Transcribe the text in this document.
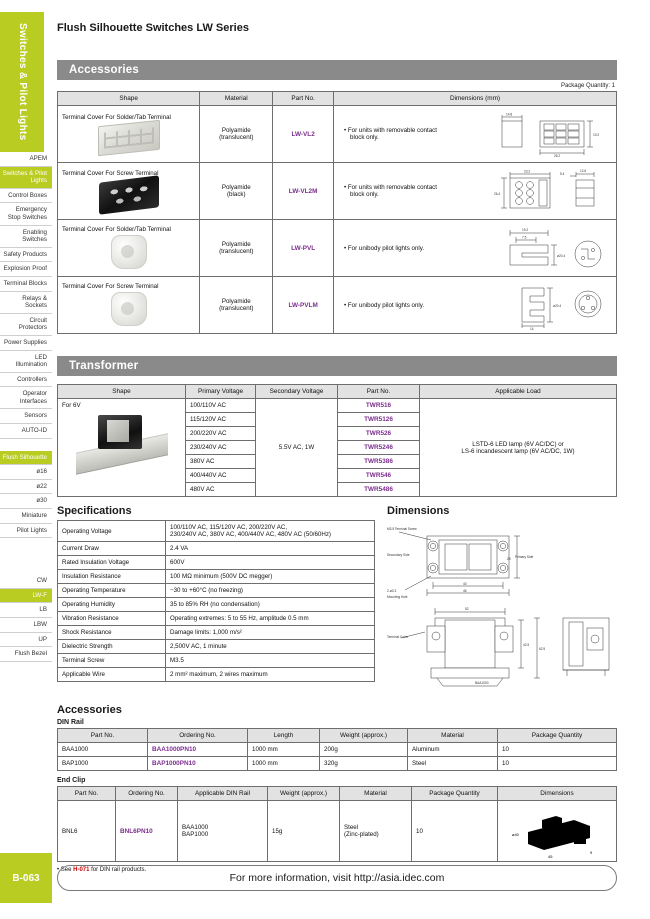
Switches & Pilot Lights
APEM
Switches & Pilot Lights
Control Boxes
Emergency Stop Switches
Enabling Switches
Safety Products
Explosion Proof
Terminal Blocks
Relays & Sockets
Circuit Protectors
Power Supplies
LED Illumination
Controllers
Operator Interfaces
Sensors
AUTO-ID
Flush Silhouette
ø16
ø22
ø30
Miniature
Pilot Lights
CW
LW-F
LB
LBW
UP
Flush Bezel
B-063
Flush Silhouette Switches LW Series
Accessories
Package Quantity: 1
Shape	Material	Part No.	Dimensions (mm)

Terminal Cover For Solder/Tab Terminal

Polyamide
(translucent)	LW-VL2	
•For units with removable contact
block only.
14.8
26.2
19.2

Terminal Cover For Screw Terminal

Polyamide
(black)	LW-VL2M	
•For units with removable contact
block only.
23.2
26.4
5.4
12.6

Terminal Cover For Solder/Tab Terminal

Polyamide
(translucent)	LW-PVL	
•For unibody pilot lights only.
19.2
7.5
ø20.4

Terminal Cover For Screw Terminal

Polyamide
(translucent)	LW-PVLM	
•For unibody pilot lights only.	ø20.4
14
Transformer
Shape	Primary Voltage	Secondary Voltage	Part No.	Applicable Load

For 6V	100/110V AC	5.5V AC, 1W	TWR516	LSTD-6 LED lamp (6V AC/DC) or
LS-6 incandescent lamp (6V AC/DC, 1W)

	115/120V AC		TWR5126	
	200/220V AC		TWR526	
	230/240V AC		TWR5246	
	380V AC		TWR5386	
	400/440V AC		TWR546	
	480V AC		TWR5486	
Specifications
Operating Voltage	100/110V AC, 115/120V AC, 200/220V AC,
230/240V AC, 380V AC, 400/440V AC, 480V AC (50/60Hz)

Current Draw	2.4 VA
Rated Insulation Voltage	600V
Insulation Resistance	100 MΩ minimum (500V DC megger)
Operating Temperature	−30 to +60°C (no freezing)
Operating Humidity	35 to 85% RH (no condensation)
Vibration Resistance	Operating extremes: 5 to 55 Hz, amplitude 0.5 mm
Shock Resistance	Damage limits: 1,000 m/s²
Dielectric Strength	2,500V AC, 1 minute
Terminal Screw	M3.5
Applicable Wire	2 mm² maximum, 2 wires maximum
Dimensions
M3.5 Terminal Screw
Secondary Side	Primary Side
28
40
46
2-ø3.3
Mounting Hole
52
BAA1000
Terminal Cover
42.5
62.5
Accessories
DIN Rail
Part No.	Ordering No.	Length	Weight (approx.)	Material	Package Quantity
BAA1000	BAA1000PN10	1000 mm	200g	Aluminum	10
BAP1000	BAP1000PN10	1000 mm	320g	Steel	10
End Clip
Part No.	Ordering No.	Applicable DIN Rail	Weight (approx.)	Material	Package Quantity	Dimensions
BNL6	BNL6PN10	BAA1000
BAP1000	15g	Steel
(Zinc-plated)	10	ø40
45
9
• See H-071 for DIN rail products.
For more information, visit http://asia.idec.com
